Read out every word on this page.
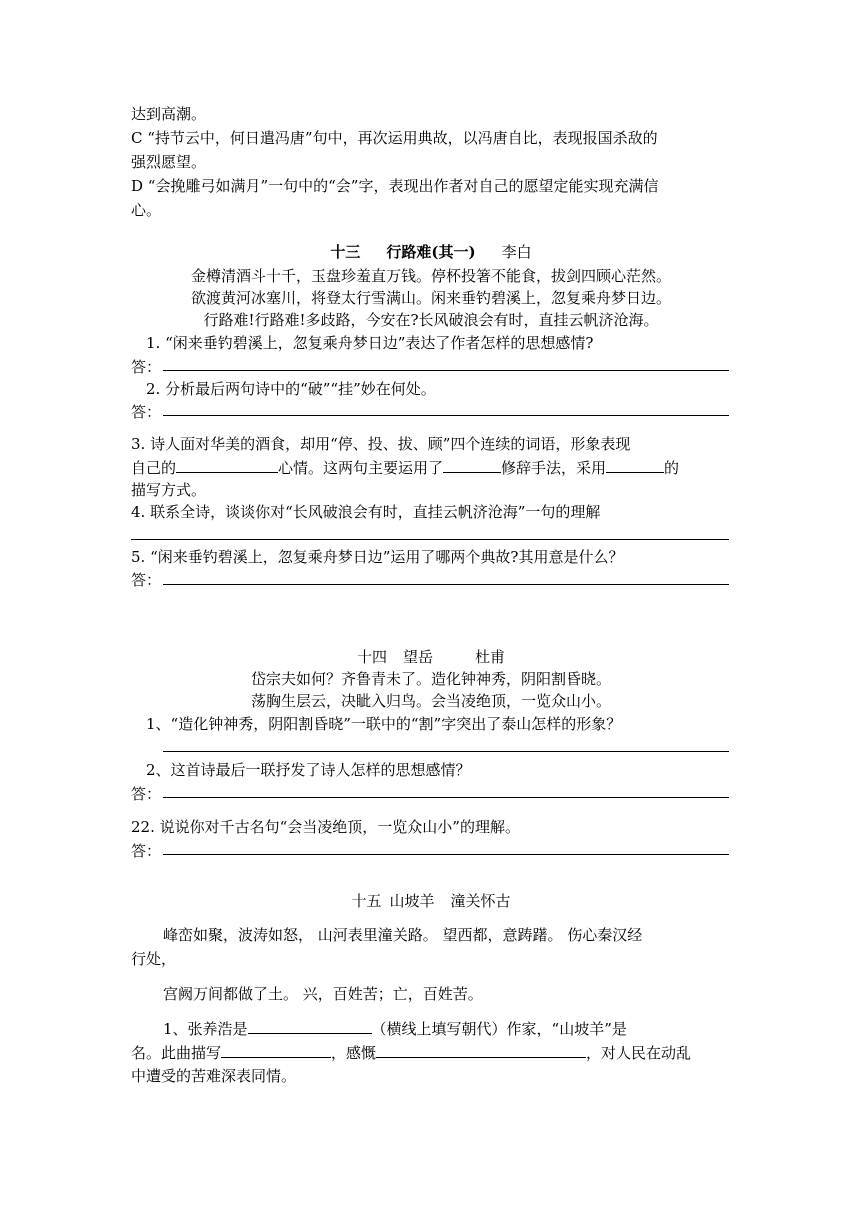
达到高潮。
C “持节云中，何日遣冯唐”句中，再次运用典故，以冯唐自比，表现报国杀敌的
强烈愿望。
D “会挽雕弓如满月”一句中的“会”字，表现出作者对自己的愿望定能实现充满信
心。
十三 行路难(其一) 李白
金樽清酒斗十千，玉盘珍羞直万钱。停杯投箸不能食，拔剑四顾心茫然。
欲渡黄河冰塞川，将登太行雪满山。闲来垂钓碧溪上，忽复乘舟梦日边。
行路难!行路难!多歧路，今安在?长风破浪会有时，直挂云帆济沧海。
1. “闲来垂钓碧溪上，忽复乘舟梦日边”表达了作者怎样的思想感情?
答：
2. 分析最后两句诗中的“破”“挂”妙在何处。
答：
3. 诗人面对华美的酒食，却用“停、投、拔、顾”四个连续的词语，形象表现
自己的	心情。这两句主要运用了	修辞手法，采用	的
描写方式。
4. 联系全诗，谈谈你对“长风破浪会有时，直挂云帆济沧海”一句的理解
5. “闲来垂钓碧溪上，忽复乘舟梦日边”运用了哪两个典故?其用意是什么？
答：
十四 望岳	杜甫
岱宗夫如何？齐鲁青未了。造化钟神秀，阴阳割昏晓。
荡胸生层云，决眦入归鸟。会当凌绝顶，一览众山小。
1、“造化钟神秀，阴阳割昏晓”一联中的“割”字突出了泰山怎样的形象？
2、这首诗最后一联抒发了诗人怎样的思想感情？
答：
22. 说说你对千古名句“会当凌绝顶，一览众山小”的理解。
答：
十五 山坡羊 潼关怀古
峰峦如聚，波涛如怒， 山河表里潼关路。 望西都，意踌躇。 伤心秦汉经
行处，
宫阙万间都做了土。 兴，百姓苦；亡，百姓苦。
1、张养浩是	（横线上填写朝代）作家，“山坡羊”是
名。此曲描写	，感慨	，对人民在动乱
中遭受的苦难深表同情。
